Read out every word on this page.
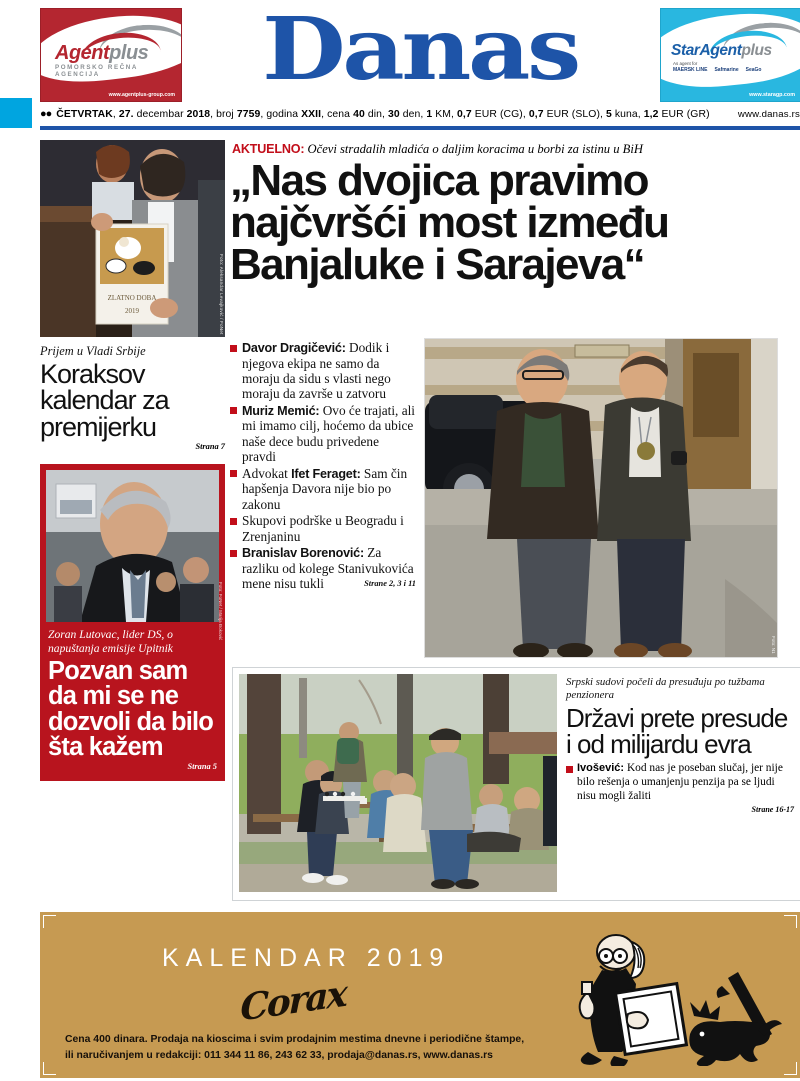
Agentplus
POMORSKO REČNA AGENCIJA
www.agentplus-group.com	Danas	StarAgentplus
As agent for
MAERSK LINE Safmarine SeaGo
www.staragp.com
●● ČETVRTAK, 27. decembar 2018, broj 7759, godina XXII, cena 40 din, 30 den, 1 KM, 0,7 EUR (CG), 0,7 EUR (SLO), 5 kuna, 1,2 EUR (GR)	www.danas.rs
ZLATNO DOBA
2019	Foto: Aleksandar Levajković / FoNet
Prijem u Vladi Srbije
Koraksov kalendar za premijerku
Strana 7
Foto: FoNet / Marija Đoković
Zoran Lutovac, lider DS, o napuštanja emisije Upitnik
Pozvan sam da mi se ne dozvoli da bilo šta kažem
Strana 5
AKTUELNO: Očevi stradalih mladića o daljim koracima u borbi za istinu u BiH
„Nas dvojica pravimo najčvršći most između Banjaluke i Sarajeva“
Davor Dragičević: Dodik i njegova ekipa ne samo da moraju da sidu s vlasti nego moraju da završe u zatvoru
Muriz Memić: Ovo će trajati, ali mi imamo cilj, hoćemo da ubice naše dece budu privedene pravdi
Advokat Ifet Feraget: Sam čin hapšenja Davora nije bio po zakonu
Skupovi podrške u Beogradu i Zrenjaninu
Branislav Borenović: Za razliku od kolege Stanivukovića mene nisu tukli	Strane 2, 3 i 11
Foto: N1
Srpski sudovi počeli da presuđuju po tužbama penzionera
Državi prete presude i od milijardu evra
Ivošević: Kod nas je poseban slučaj, jer nije bilo rešenja o umanjenju penzija pa se ljudi nisu mogli žaliti
Strane 16-17
KALENDAR 2019
Corax
Cena 400 dinara. Prodaja na kioscima i svim prodajnim mestima dnevne i periodične štampe,
ili naručivanjem u redakciji: 011 344 11 86, 243 62 33, prodaja@danas.rs, www.danas.rs
